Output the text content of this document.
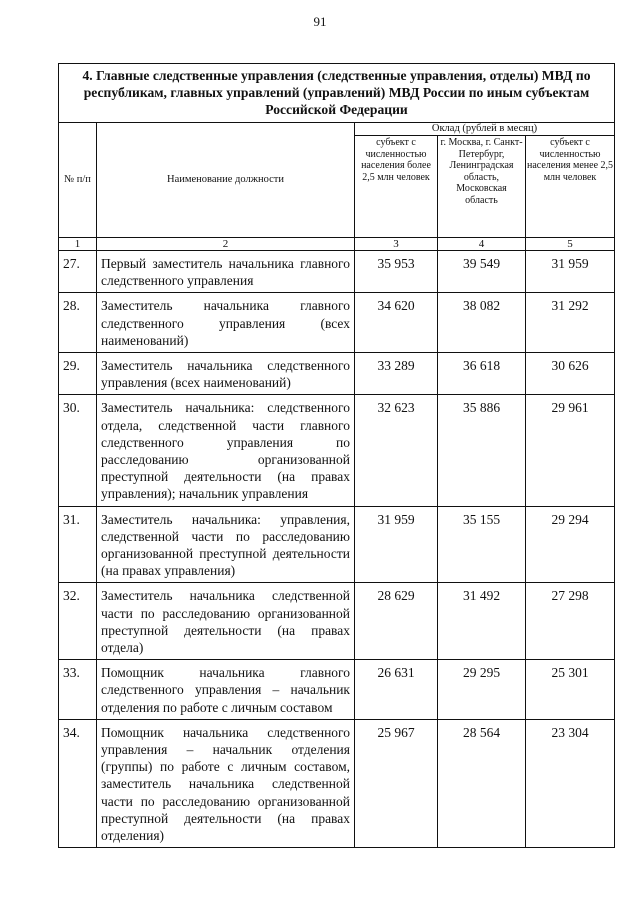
91
4. Главные следственные управления (следственные управления, отделы) МВД по республикам, главных управлений (управлений) МВД России по иным субъектам Российской Федерации				
№ п/п	Наименование должности	Оклад (рублей в месяц)		
		субъект с численностью населения более 2,5 млн человек	г. Москва, г. Санкт-Петербург, Ленинградская область, Московская область	субъект с численностью населения менее 2,5 млн человек
1	2	3	4	5
27.	Первый заместитель начальника главного следственного управления	35 953	39 549	31 959
28.	Заместитель начальника главного следственного управления (всех наименований)	34 620	38 082	31 292
29.	Заместитель начальника следственного управления (всех наименований)	33 289	36 618	30 626
30.	Заместитель начальника: следственного отдела, следственной части главного следственного управления по расследованию организованной преступной деятельности (на правах управления); начальник управления	32 623	35 886	29 961
31.	Заместитель начальника: управления, следственной части по расследованию организованной преступной деятельности (на правах управления)	31 959	35 155	29 294
32.	Заместитель начальника следственной части по расследованию организованной преступной деятельности (на правах отдела)	28 629	31 492	27 298
33.	Помощник начальника главного следственного управления – начальник отделения по работе с личным составом	26 631	29 295	25 301
34.	Помощник начальника следственного управления – начальник отделения (группы) по работе с личным составом, заместитель начальника следственной части по расследованию организованной преступной деятельности (на правах отделения)	25 967	28 564	23 304
